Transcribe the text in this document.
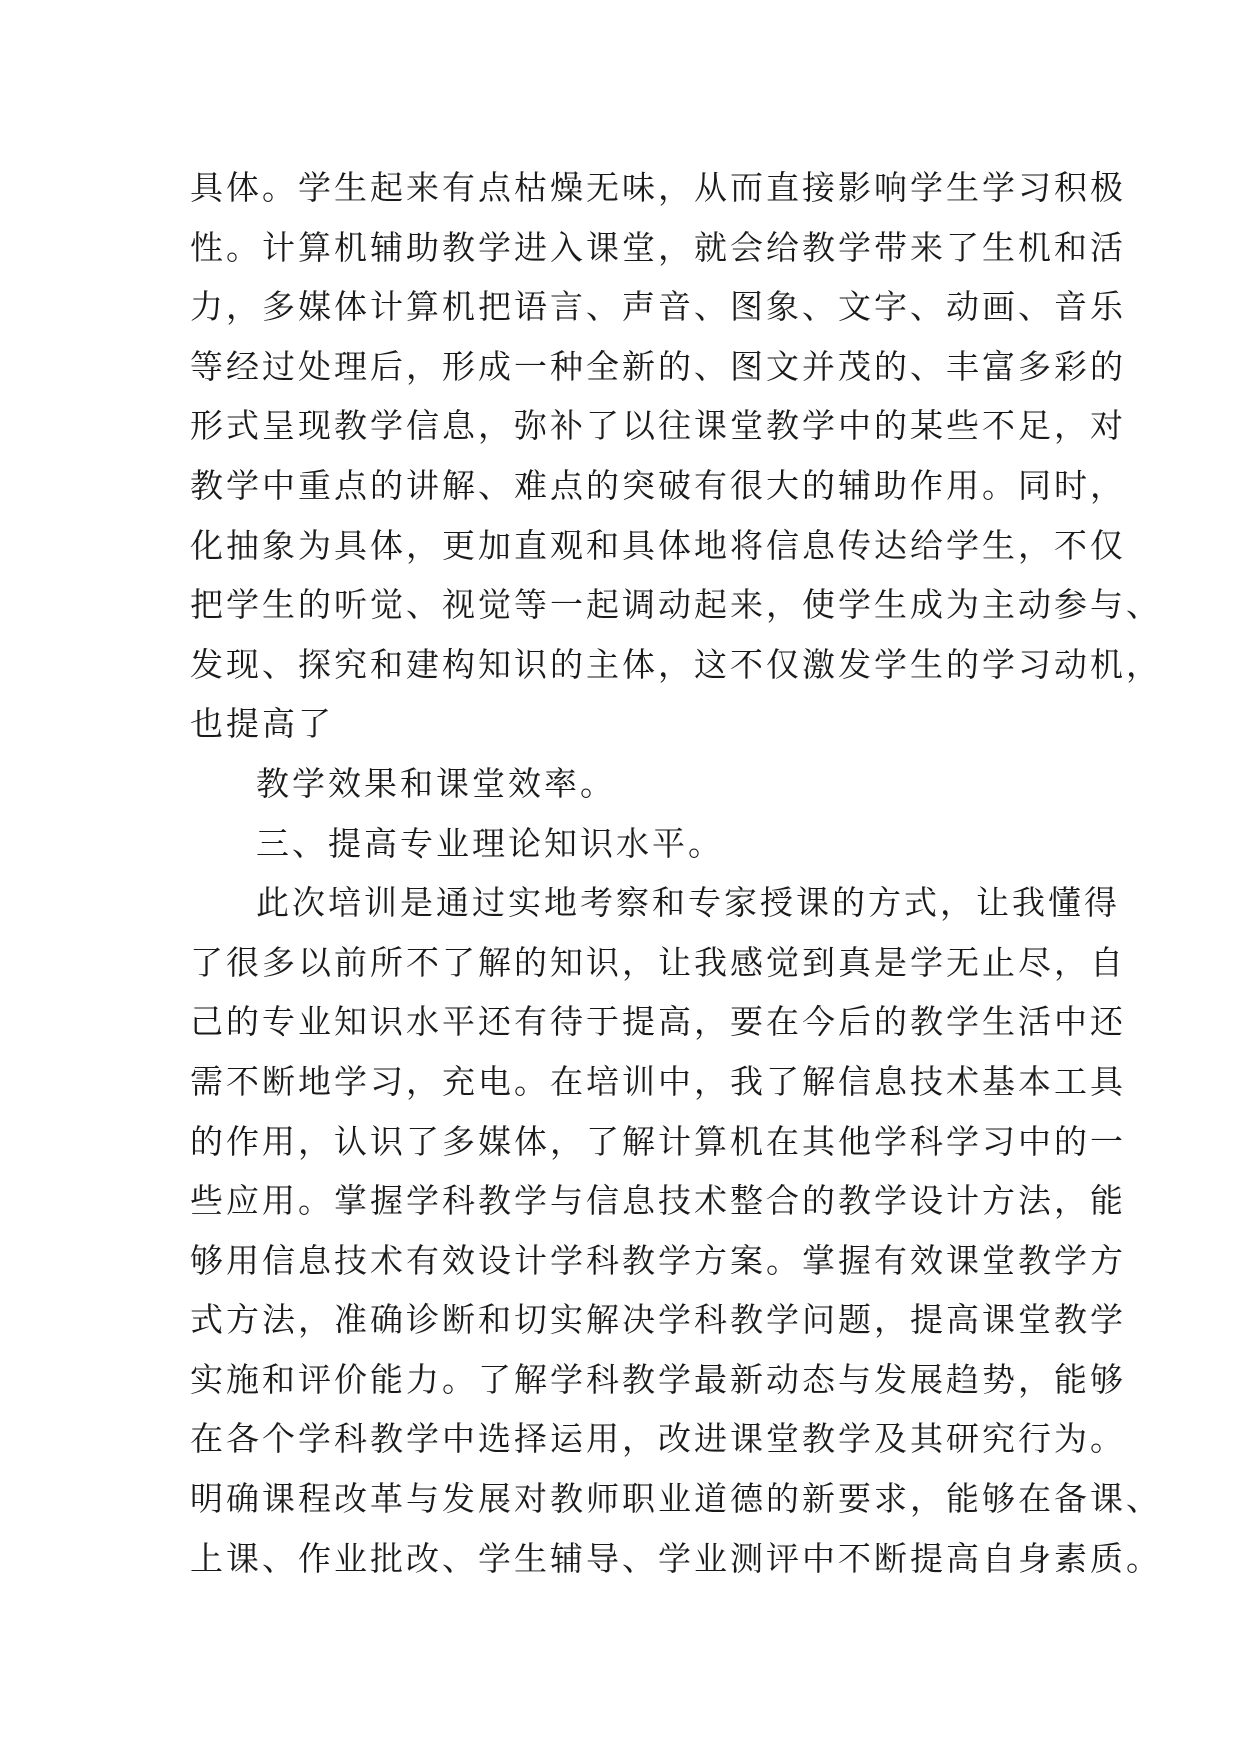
具体。学生起来有点枯燥无味，从而直接影响学生学习积极
性。计算机辅助教学进入课堂，就会给教学带来了生机和活
力，多媒体计算机把语言、声音、图象、文字、动画、音乐
等经过处理后，形成一种全新的、图文并茂的、丰富多彩的
形式呈现教学信息，弥补了以往课堂教学中的某些不足，对
教学中重点的讲解、难点的突破有很大的辅助作用。同时，
化抽象为具体，更加直观和具体地将信息传达给学生，不仅
把学生的听觉、视觉等一起调动起来，使学生成为主动参与、
发现、探究和建构知识的主体，这不仅激发学生的学习动机，
也提高了
教学效果和课堂效率。
三、提高专业理论知识水平。
此次培训是通过实地考察和专家授课的方式，让我懂得
了很多以前所不了解的知识，让我感觉到真是学无止尽，自
己的专业知识水平还有待于提高，要在今后的教学生活中还
需不断地学习，充电。在培训中，我了解信息技术基本工具
的作用，认识了多媒体，了解计算机在其他学科学习中的一
些应用。掌握学科教学与信息技术整合的教学设计方法，能
够用信息技术有效设计学科教学方案。掌握有效课堂教学方
式方法，准确诊断和切实解决学科教学问题，提高课堂教学
实施和评价能力。了解学科教学最新动态与发展趋势，能够
在各个学科教学中选择运用，改进课堂教学及其研究行为。
明确课程改革与发展对教师职业道德的新要求，能够在备课、
上课、作业批改、学生辅导、学业测评中不断提高自身素质。
